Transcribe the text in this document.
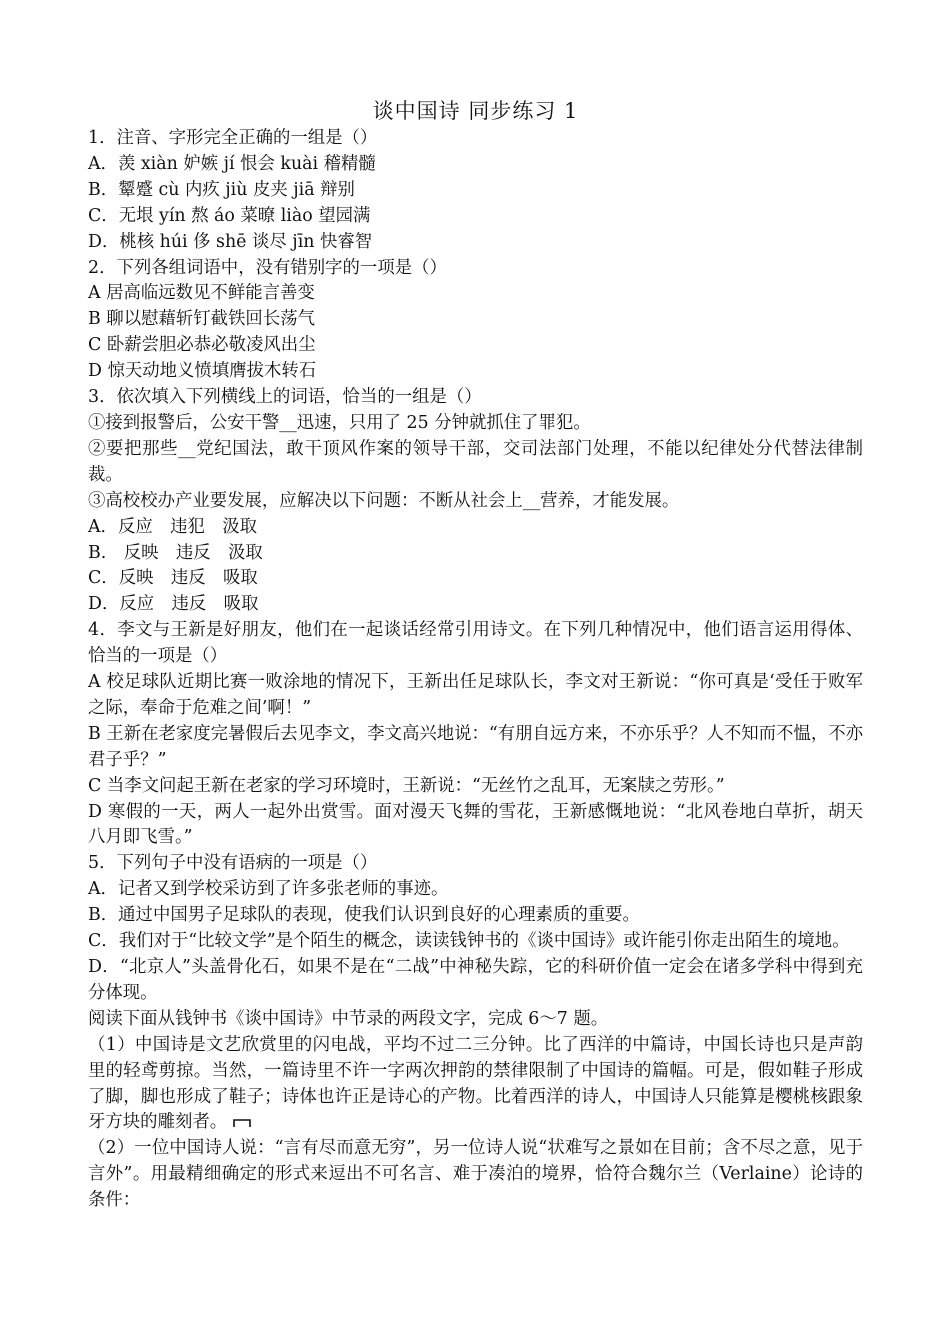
谈中国诗 同步练习 1
1．注音、字形完全正确的一组是（）
A．羡 xiàn 妒嫉 jí 恨会 kuài 稽精髓
B．颦蹙 cù 内疚 jiù 皮夹 jiā 辩别
C．无垠 yín 熬 áo 菜暸 liào 望园满
D．桃核 húi 侈 shē 谈尽 jīn 快睿智
2．下列各组词语中，没有错别字的一项是（）
A 居高临远数见不鲜能言善变
B 聊以慰藉斩钉截铁回长荡气
C 卧薪尝胆必恭必敬凌风出尘
D 惊天动地义愤填膺拔木转石
3．依次填入下列横线上的词语，恰当的一组是（）
①接到报警后，公安干警__迅速，只用了 25 分钟就抓住了罪犯。
②要把那些__党纪国法，敢干顶风作案的领导干部，交司法部门处理，不能以纪律处分代替法律制裁。
③高校校办产业要发展，应解决以下问题：不断从社会上__营养，才能发展。
A．反应　违犯　汲取
B.　反映　违反　汲取
C．反映　违反　吸取
D．反应　违反　吸取
4．李文与王新是好朋友，他们在一起谈话经常引用诗文。在下列几种情况中，他们语言运用得体、恰当的一项是（）
A 校足球队近期比赛一败涂地的情况下，王新出任足球队长，李文对王新说：“你可真是‘受任于败军之际，奉命于危难之间’啊！”
B 王新在老家度完暑假后去见李文，李文高兴地说：“有朋自远方来，不亦乐乎？人不知而不愠，不亦君子乎？”
C 当李文问起王新在老家的学习环境时，王新说：“无丝竹之乱耳，无案牍之劳形。”
D 寒假的一天，两人一起外出赏雪。面对漫天飞舞的雪花，王新感慨地说：“北风卷地白草折，胡天八月即飞雪。”
5．下列句子中没有语病的一项是（）
A．记者又到学校采访到了许多张老师的事迹。
B．通过中国男子足球队的表现，使我们认识到良好的心理素质的重要。
C．我们对于“比较文学”是个陌生的概念，读读钱钟书的《谈中国诗》或许能引你走出陌生的境地。
D．“北京人”头盖骨化石，如果不是在“二战”中神秘失踪，它的科研价值一定会在诸多学科中得到充分体现。
阅读下面从钱钟书《谈中国诗》中节录的两段文字，完成 6～7 题。
（1）中国诗是文艺欣赏里的闪电战，平均不过二三分钟。比了西洋的中篇诗，中国长诗也只是声韵里的轻鸢剪掠。当然，一篇诗里不许一字两次押韵的禁律限制了中国诗的篇幅。可是，假如鞋子形成了脚，脚也形成了鞋子；诗体也许正是诗心的产物。比着西洋的诗人，中国诗人只能算是樱桃核跟象牙方块的雕刻者。
（2）一位中国诗人说：“言有尽而意无穷”，另一位诗人说“状难写之景如在目前；含不尽之意，见于言外”。用最精细确定的形式来逗出不可名言、难于凑泊的境界，恰符合魏尔兰（Verlaine）论诗的条件：
